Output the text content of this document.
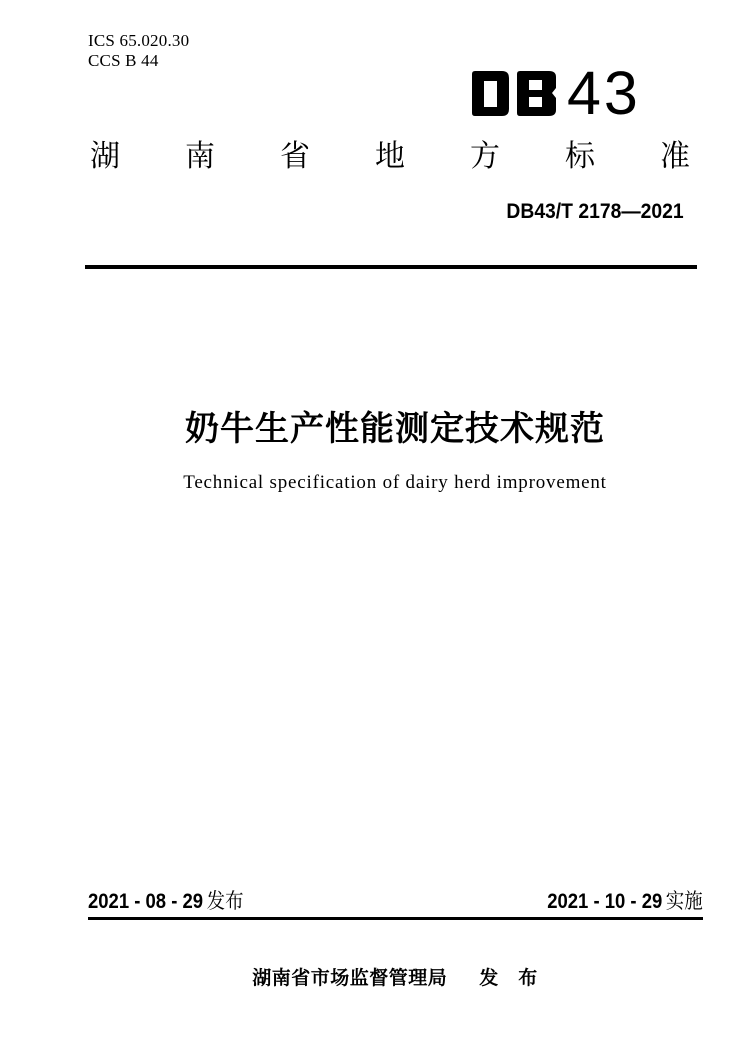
ICS 65.020.30
CCS B 44	43
湖 南 省 地 方 标 准
DB43/T 2178—2021
奶牛生产性能测定技术规范
Technical specification of dairy herd improvement
2021 - 08 - 29 发布	2021 - 10 - 29 实施
湖南省市场监督管理局 发　布
